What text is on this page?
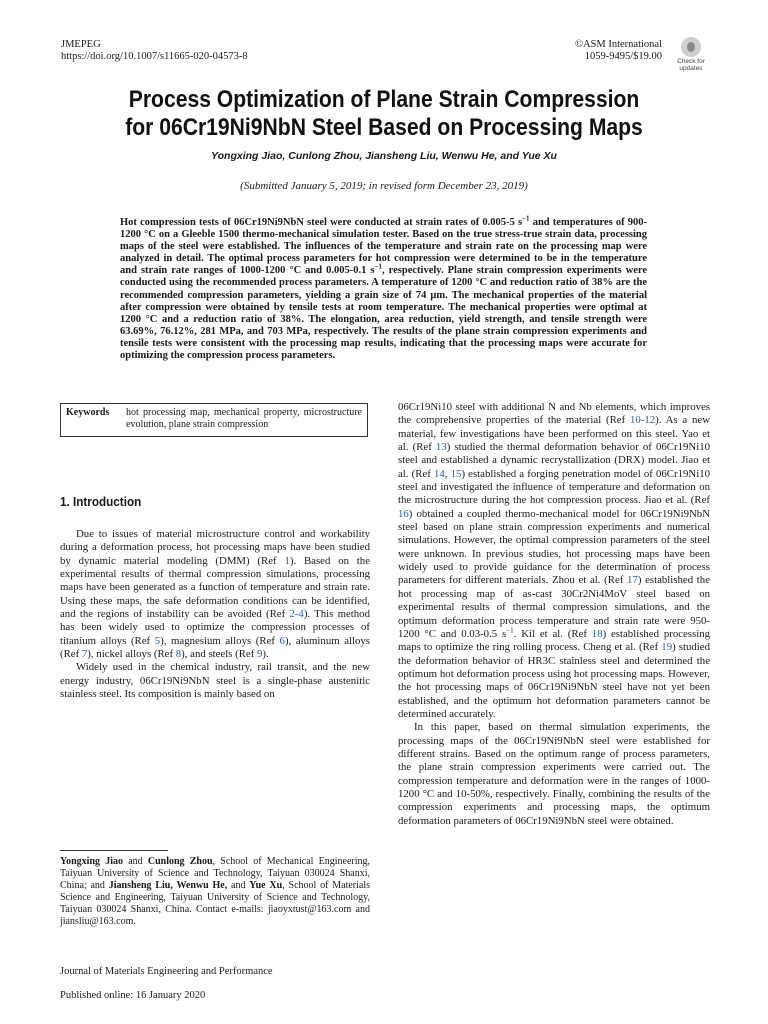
JMEPEG
https://doi.org/10.1007/s11665-020-04573-8
©ASM International
1059-9495/$19.00	Check for
updates
Process Optimization of Plane Strain Compression
for 06Cr19Ni9NbN Steel Based on Processing Maps
Yongxing Jiao, Cunlong Zhou, Jiansheng Liu, Wenwu He, and Yue Xu
(Submitted January 5, 2019; in revised form December 23, 2019)

Hot compression tests of 06Cr19Ni9NbN steel were conducted at strain rates of 0.005-5 $s^{-1}$ and temperatures of 900-1200 °C on a Gleeble 1500 thermo-mechanical simulation tester. Based on the true stress-true strain data, processing maps of the steel were established. The influences of the temperature and strain rate on the processing map were analyzed in detail. The optimal process parameters for hot compression were determined to be in the temperature and strain rate ranges of 1000-1200 °C and 0.005-0.1 $s^{-1}$, respectively. Plane strain compression experiments were conducted using the recommended process parameters. A temperature of 1200 °C and reduction ratio of 38% are the recommended compression parameters, yielding a grain size of 74 μm. The mechanical properties of the material after compression were obtained by tensile tests at room temperature. The mechanical properties were optimal at 1200 °C and a reduction ratio of 38%. The elongation, area reduction, yield strength, and tensile strength were 63.69%, 76.12%, 281 MPa, and 703 MPa, respectively. The results of the plane strain compression experiments and tensile tests were consistent with the processing map results, indicating that the processing maps were accurate for optimizing the compression process parameters.

Keywords	hot processing map, mechanical property, microstructure evolution, plane strain compression
1. Introduction

Due to issues of material microstructure control and workability during a deformation process, hot processing maps have been studied by dynamic material modeling (DMM) (Ref 1). Based on the experimental results of thermal compression simulations, processing maps have been generated as a function of temperature and strain rate. Using these maps, the safe deformation conditions can be identified, and the regions of instability can be avoided (Ref 2-4). This method has been widely used to optimize the compression processes of titanium alloys (Ref 5), magnesium alloys (Ref 6), aluminum alloys (Ref 7), nickel alloys (Ref 8), and steels (Ref 9).

Widely used in the chemical industry, rail transit, and the new energy industry, 06Cr19Ni9NbN steel is a single-phase austenitic stainless steel. Its composition is mainly based on

06Cr19Ni10 steel with additional N and Nb elements, which improves the comprehensive properties of the material (Ref 10-12). As a new material, few investigations have been performed on this steel. Yao et al. (Ref 13) studied the thermal deformation behavior of 06Cr19Ni10 steel and established a dynamic recrystallization (DRX) model. Jiao et al. (Ref 14, 15) established a forging penetration model of 06Cr19Ni10 steel and investigated the influence of temperature and deformation on the microstructure during the hot compression process. Jiao et al. (Ref 16) obtained a coupled thermo-mechanical model for 06Cr19Ni9NbN steel based on plane strain compression experiments and numerical simulations. However, the optimal compression parameters of the steel were unknown. In previous studies, hot processing maps have been widely used to provide guidance for the determination of process parameters for different materials. Zhou et al. (Ref 17) established the hot processing map of as-cast 30Cr2Ni4MoV steel based on experimental results of thermal compression simulations, and the optimum deformation process temperature and strain rate were 950-1200 °C and 0.03-0.5 $s^{-1}$. Kil et al. (Ref 18) established processing maps to optimize the ring rolling process. Cheng et al. (Ref 19) studied the deformation behavior of HR3C stainless steel and determined the optimum hot deformation process using hot processing maps. However, the hot processing maps of 06Cr19Ni9NbN steel have not yet been established, and the optimum hot deformation parameters cannot be determined accurately.

In this paper, based on thermal simulation experiments, the processing maps of the 06Cr19Ni9NbN steel were established for different strains. Based on the optimum range of process parameters, the plane strain compression experiments were carried out. The compression temperature and deformation were in the ranges of 1000-1200 °C and 10-50%, respectively. Finally, combining the results of the compression experiments and processing maps, the optimum deformation parameters of 06Cr19Ni9NbN steel were obtained.

Yongxing Jiao and Cunlong Zhou, School of Mechanical Engineering, Taiyuan University of Science and Technology, Taiyuan 030024 Shanxi, China; and Jiansheng Liu, Wenwu He, and Yue Xu, School of Materials Science and Engineering, Taiyuan University of Science and Technology, Taiyuan 030024 Shanxi, China. Contact e-mails: jiaoyxtust@163.com and jiansliu@163.com.

Journal of Materials Engineering and Performance
Published online: 16 January 2020
